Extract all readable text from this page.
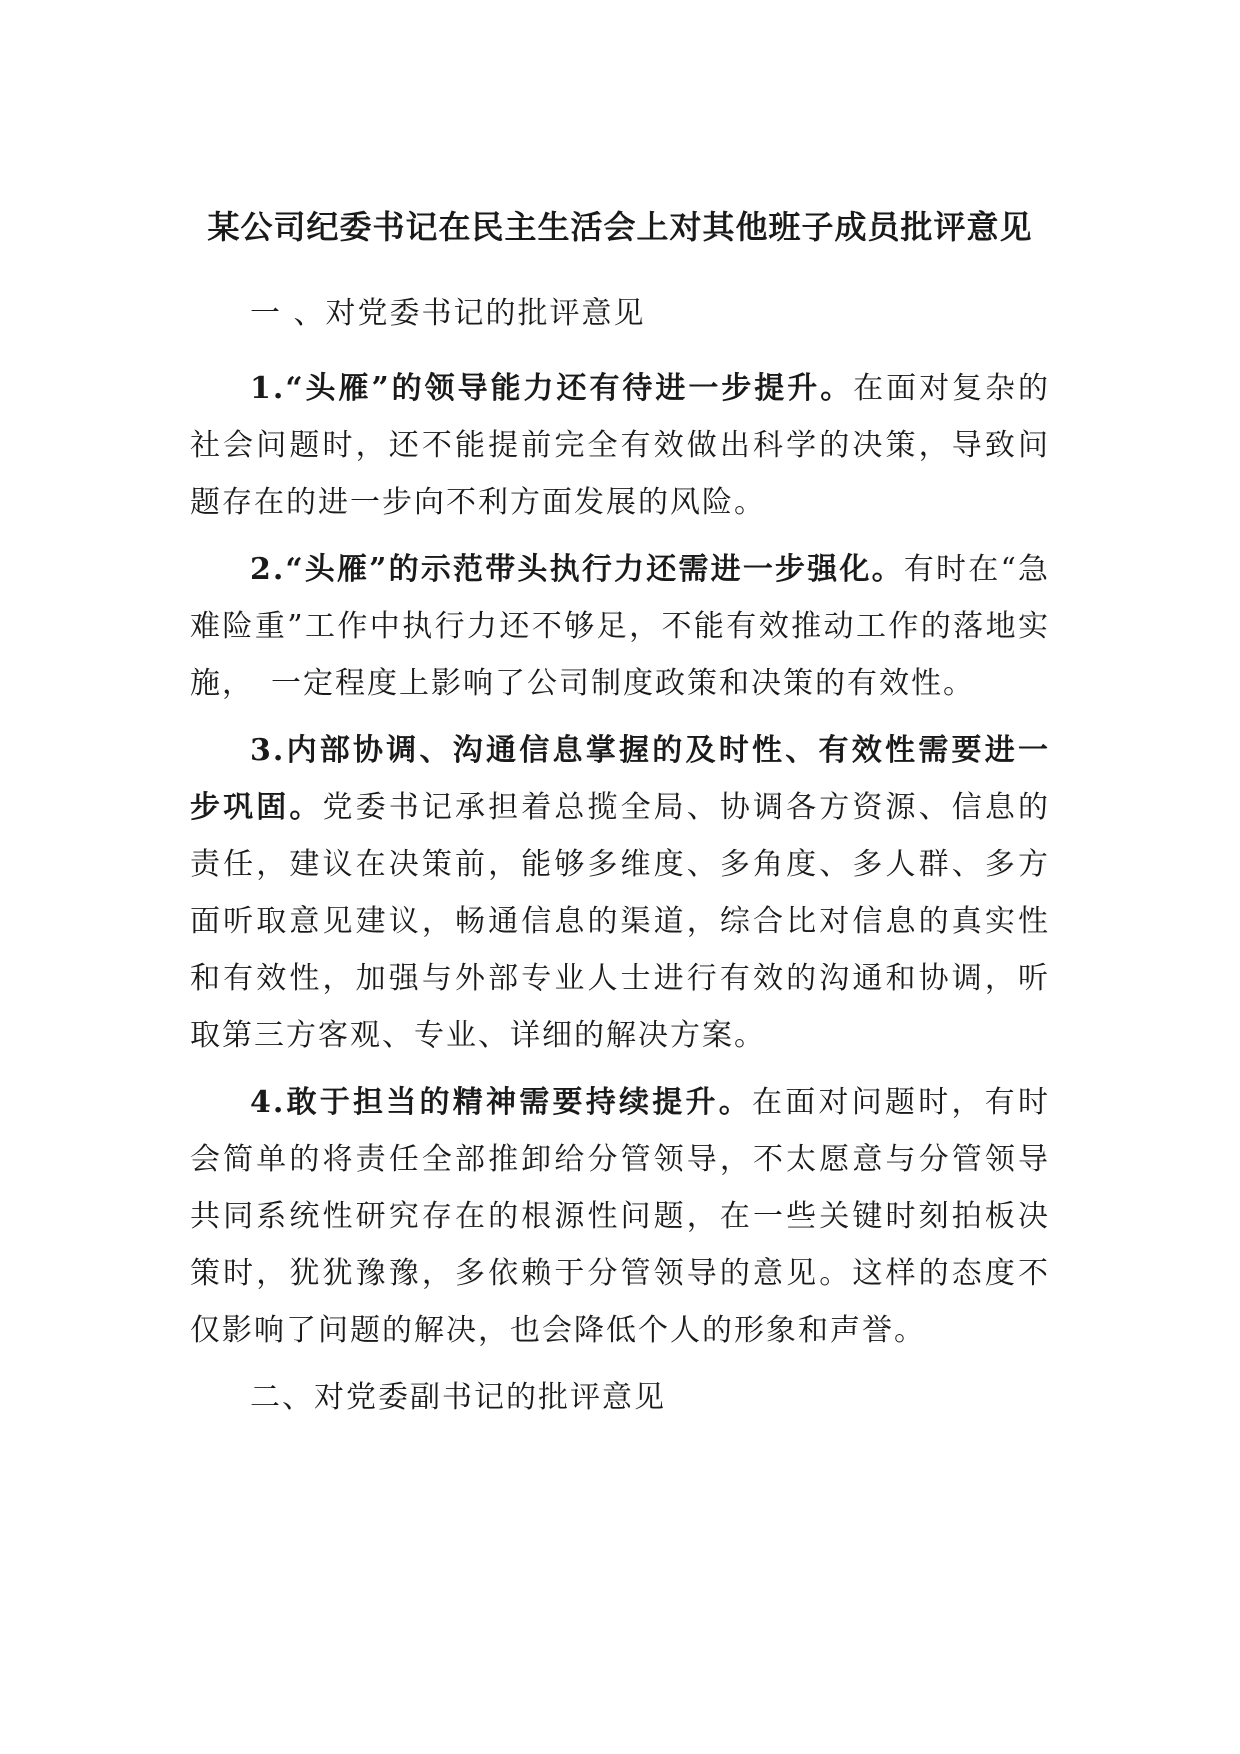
某公司纪委书记在民主生活会上对其他班子成员批评意见

一 、对党委书记的批评意见

1.“头雁”的领导能力还有待进一步提升。在面对复杂的社会问题时，还不能提前完全有效做出科学的决策，导致问题存在的进一步向不利方面发展的风险。

2.“头雁”的示范带头执行力还需进一步强化。有时在“急难险重”工作中执行力还不够足，不能有效推动工作的落地实施，　一定程度上影响了公司制度政策和决策的有效性。

3.内部协调、沟通信息掌握的及时性、有效性需要进一步巩固。党委书记承担着总揽全局、协调各方资源、信息的责任，建议在决策前，能够多维度、多角度、多人群、多方面听取意见建议，畅通信息的渠道，综合比对信息的真实性和有效性，加强与外部专业人士进行有效的沟通和协调，听取第三方客观、专业、详细的解决方案。

4.敢于担当的精神需要持续提升。在面对问题时，有时会简单的将责任全部推卸给分管领导，不太愿意与分管领导共同系统性研究存在的根源性问题，在一些关键时刻拍板决策时，犹犹豫豫，多依赖于分管领导的意见。这样的态度不仅影响了问题的解决，也会降低个人的形象和声誉。

二、对党委副书记的批评意见
